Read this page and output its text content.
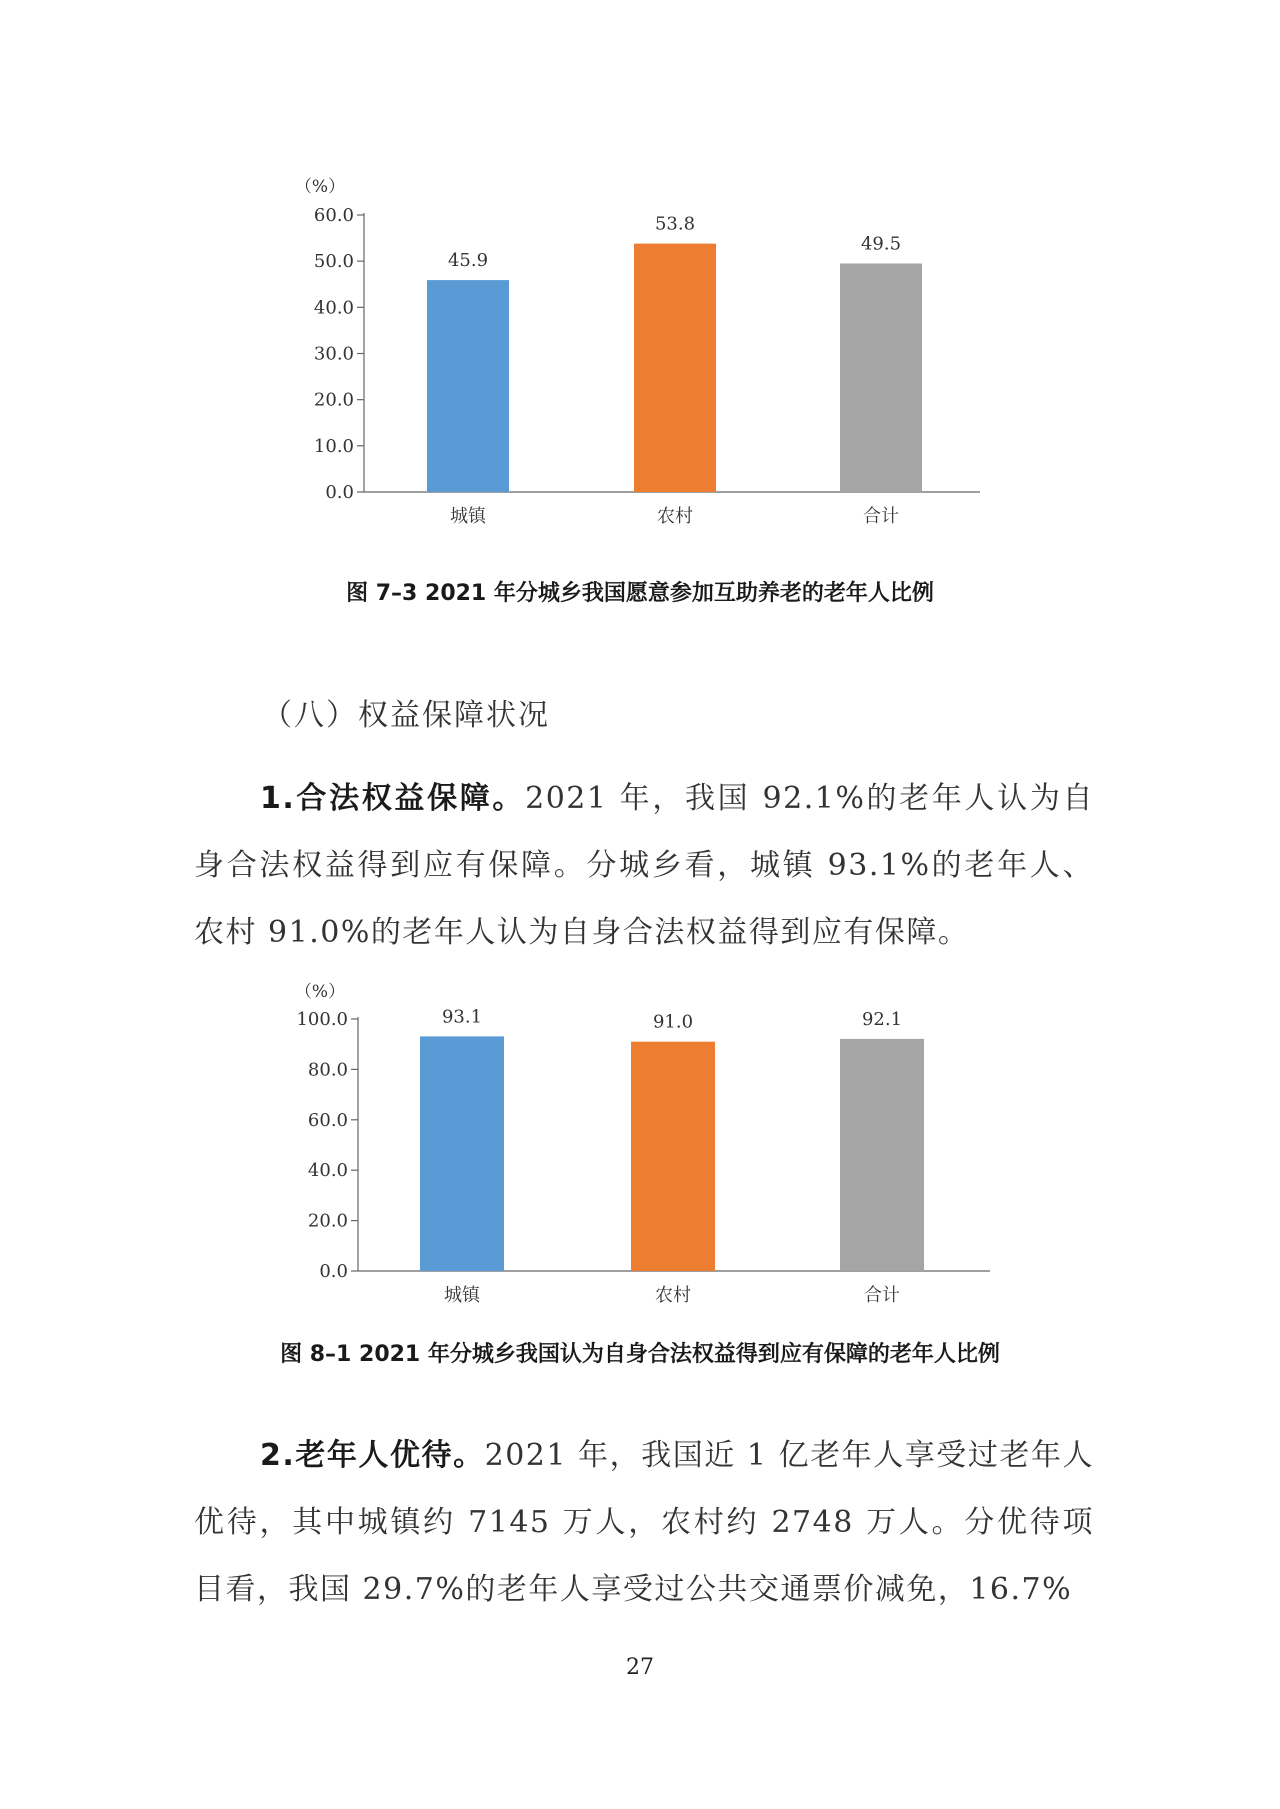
（%）
0.0
10.0
20.0
30.0
40.0
50.0
60.0
45.9
城镇
53.8
农村
49.5
合计
图 7–3 2021 年分城乡我国愿意参加互助养老的老年人比例
（八）权益保障状况
1.合法权益保障。2021 年，我国 92.1%的老年人认为自身合法权益得到应有保障。分城乡看，城镇 93.1%的老年人、农村 91.0%的老年人认为自身合法权益得到应有保障。
（%）
0.0
20.0
40.0
60.0
80.0
100.0	93.1
城镇
91.0
农村
92.1
合计
图 8–1 2021 年分城乡我国认为自身合法权益得到应有保障的老年人比例
2.老年人优待。2021 年，我国近 1 亿老年人享受过老年人优待，其中城镇约 7145 万人，农村约 2748 万人。分优待项目看，我国 29.7%的老年人享受过公共交通票价减免，16.7%
27
